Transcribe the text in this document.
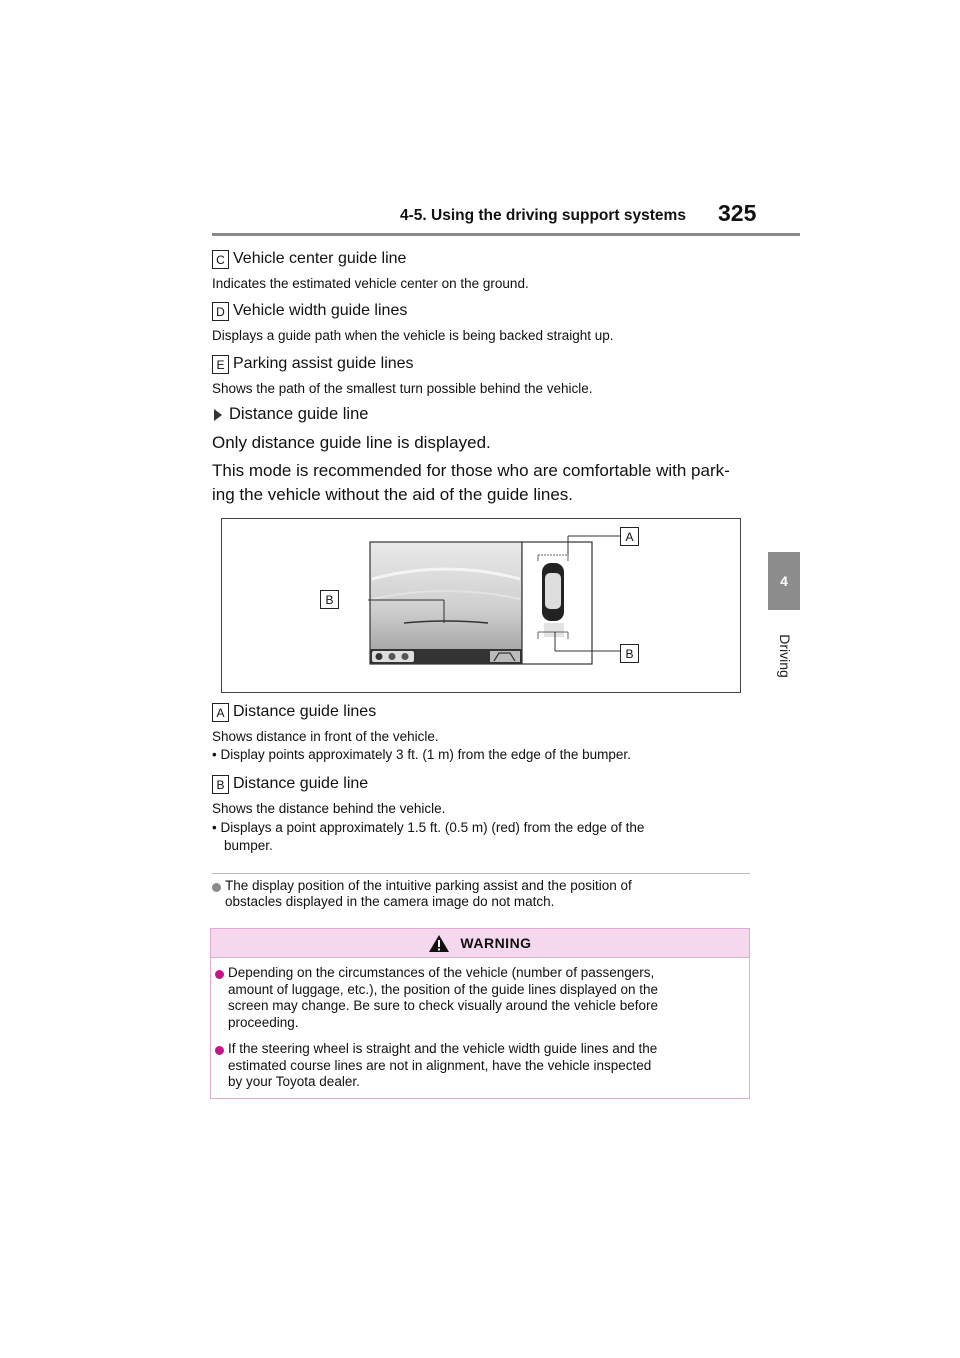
4-5. Using the driving support systems 325
4
Driving
C Vehicle center guide line
Indicates the estimated vehicle center on the ground.
D Vehicle width guide lines
Displays a guide path when the vehicle is being backed straight up.
E Parking assist guide lines
Shows the path of the smallest turn possible behind the vehicle.
Distance guide line
Only distance guide line is displayed.
This mode is recommended for those who are comfortable with park-
ing the vehicle without the aid of the guide lines.
A
B
B
A Distance guide lines
Shows distance in front of the vehicle.
• Display points approximately 3 ft. (1 m) from the edge of the bumper.
B Distance guide line
Shows the distance behind the vehicle.
• Displays a point approximately 1.5 ft. (0.5 m) (red) from the edge of the
bumper.
The display position of the intuitive parking assist and the position of
obstacles displayed in the camera image do not match.
WARNING
Depending on the circumstances of the vehicle (number of passengers,
amount of luggage, etc.), the position of the guide lines displayed on the
screen may change. Be sure to check visually around the vehicle before
proceeding.
If the steering wheel is straight and the vehicle width guide lines and the
estimated course lines are not in alignment, have the vehicle inspected
by your Toyota dealer.
